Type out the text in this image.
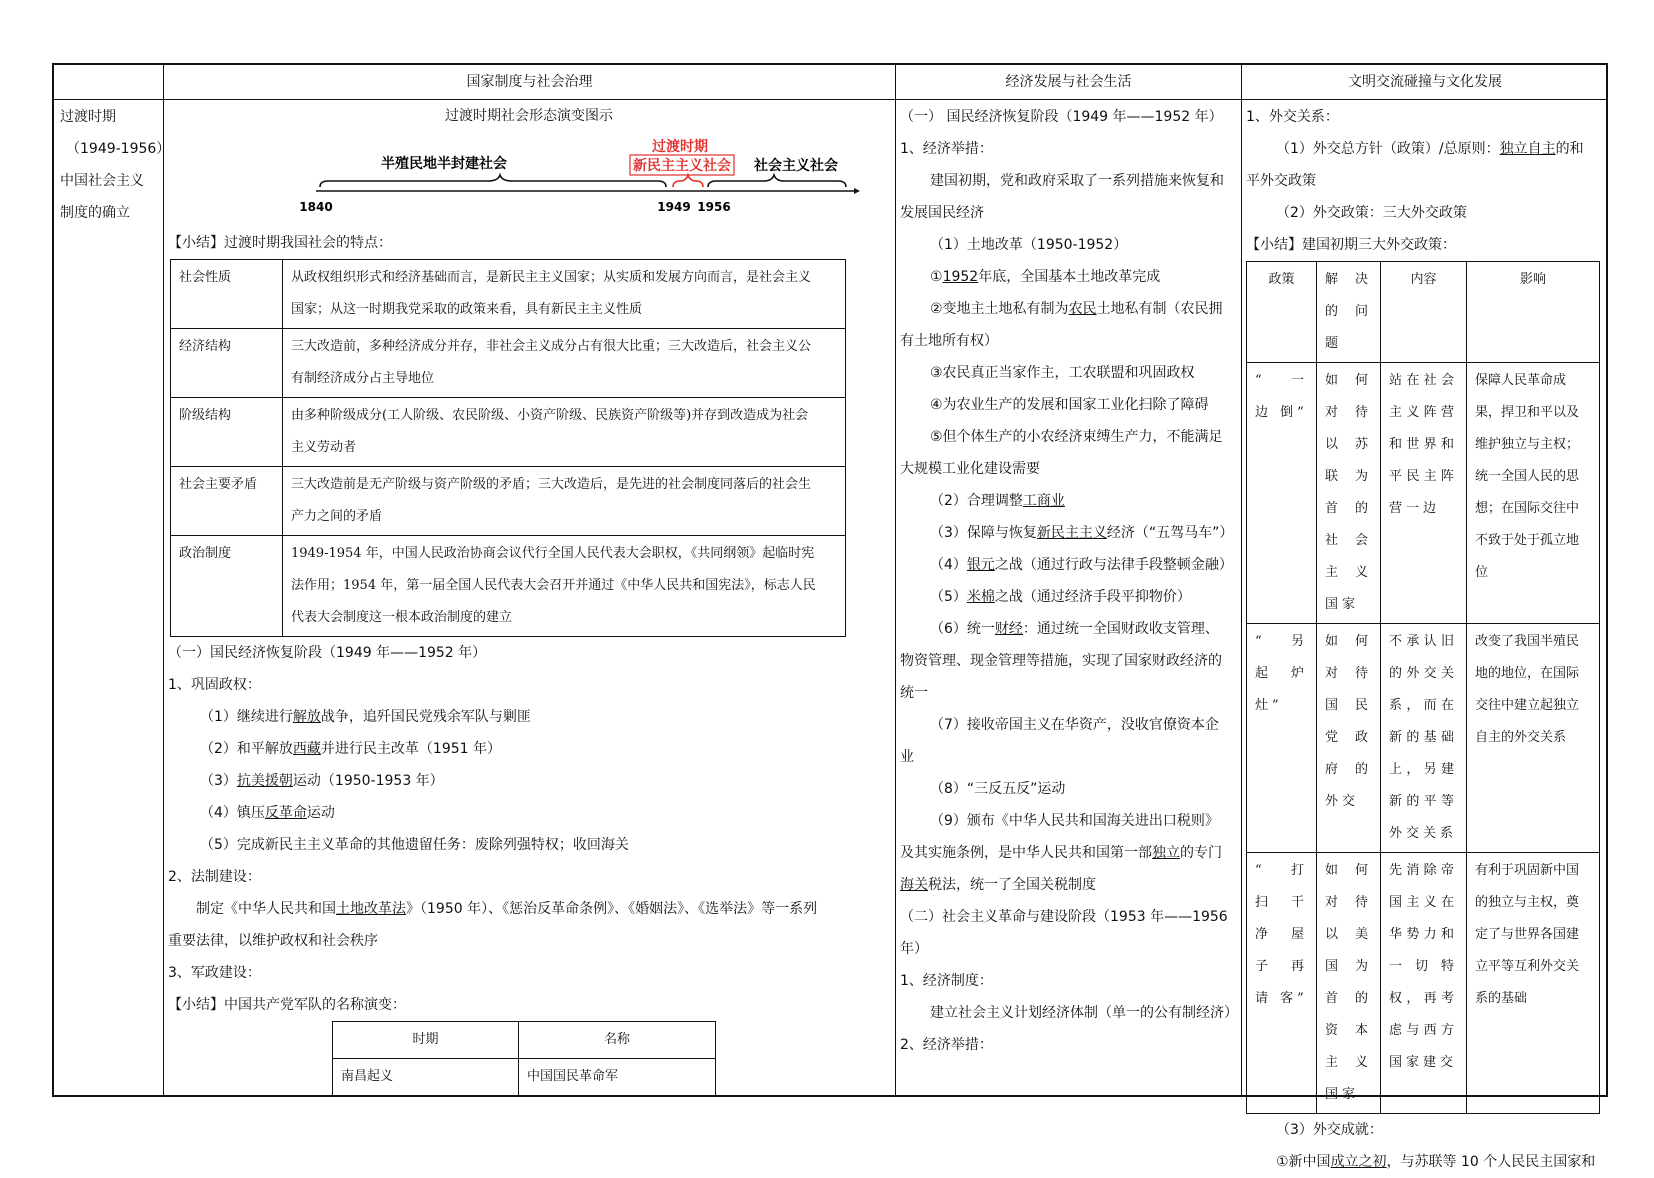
国家制度与社会治理	经济发展与社会生活	文明交流碰撞与文化发展
过渡时期
（1949-1956）
中国社会主义
制度的确立
过渡时期社会形态演变图示
半殖民地半封建社会
过渡时期
新民主主义社会 社会主义社会
1840	1949 1956
【小结】过渡时期我国社会的特点：
社会性质	从政权组织形式和经济基础而言，是新民主主义国家；从实质和发展方向而言，是社会主义
国家；从这一时期我党采取的政策来看，具有新民主主义性质

经济结构	三大改造前，多种经济成分并存，非社会主义成分占有很大比重；三大改造后，社会主义公
有制经济成分占主导地位

阶级结构	由多种阶级成分(工人阶级、农民阶级、小资产阶级、民族资产阶级等)并存到改造成为社会
主义劳动者

社会主要矛盾	三大改造前是无产阶级与资产阶级的矛盾；三大改造后，是先进的社会制度同落后的社会生
产力之间的矛盾

政治制度	1949-1954 年，中国人民政治协商会议代行全国人民代表大会职权，《共同纲领》起临时宪
法作用；1954 年，第一届全国人民代表大会召开并通过《中华人民共和国宪法》，标志人民
代表大会制度这一根本政治制度的建立
（一）国民经济恢复阶段（1949 年——1952 年）
1、巩固政权：
（1）继续进行解放战争，追歼国民党残余军队与剿匪
（2）和平解放西藏并进行民主改革（1951 年）
（3）抗美援朝运动（1950-1953 年）
（4）镇压反革命运动
（5）完成新民主主义革命的其他遗留任务：废除列强特权；收回海关
2、法制建设：
制定《中华人民共和国土地改革法》（1950 年）、《惩治反革命条例》、《婚姻法》、《选举法》等一系列
重要法律，以维护政权和社会秩序
3、军政建设：
【小结】中国共产党军队的名称演变：
时期	名称
南昌起义	中国国民革命军
（一） 国民经济恢复阶段（1949 年——1952 年）
1、经济举措：
建国初期，党和政府采取了一系列措施来恢复和
发展国民经济
（1）土地改革（1950-1952）
①1952年底，全国基本土地改革完成
②变地主土地私有制为农民土地私有制（农民拥
有土地所有权）
③农民真正当家作主，工农联盟和巩固政权
④为农业生产的发展和国家工业化扫除了障碍
⑤但个体生产的小农经济束缚生产力，不能满足
大规模工业化建设需要
（2）合理调整工商业
（3）保障与恢复新民主主义经济（“五驾马车”）
（4）银元之战（通过行政与法律手段整顿金融）
（5）米棉之战（通过经济手段平抑物价）
（6）统一财经：通过统一全国财政收支管理、
物资管理、现金管理等措施，实现了国家财政经济的
统一
（7）接收帝国主义在华资产，没收官僚资本企
业
（8）“三反五反”运动
（9）颁布《中华人民共和国海关进出口税则》
及其实施条例，是中华人民共和国第一部独立的专门
海关税法，统一了全国关税制度
（二）社会主义革命与建设阶段（1953 年——1956
年）
1、经济制度：
建立社会主义计划经济体制（单一的公有制经济）
2、经济举措：
1、外交关系：
（1）外交总方针（政策）/总原则：独立自主的和
平外交政策
（2）外交政策：三大外交政策
【小结】建国初期三大外交政策：
政策	解决的问题	内容	影响
“ 一 边 倒”	如何对待以苏联为首的社会主义国家	站在社会主义阵营和世界和平民主阵营一边	保障人民革命成果，捍卫和平以及维护独立与主权；统一全国人民的思想；在国际交往中不致于处于孤立地位
“ 另 起 炉灶”	如何对待国民党政府的外交	不承认旧的外交关系，而在新的基础上，另建新的平等外交关系	改变了我国半殖民地的地位，在国际交往中建立起独立自主的外交关系
“ 打 扫 干 净 屋 子 再 请 客”	如何对待以美国为首的资本主义国家	先消除帝国主义在华势力和一切特权，再考虑与西方国家建交	有利于巩固新中国的独立与主权，奠定了与世界各国建立平等互利外交关系的基础
（3）外交成就：
①新中国成立之初，与苏联等 10 个人民民主国家和
